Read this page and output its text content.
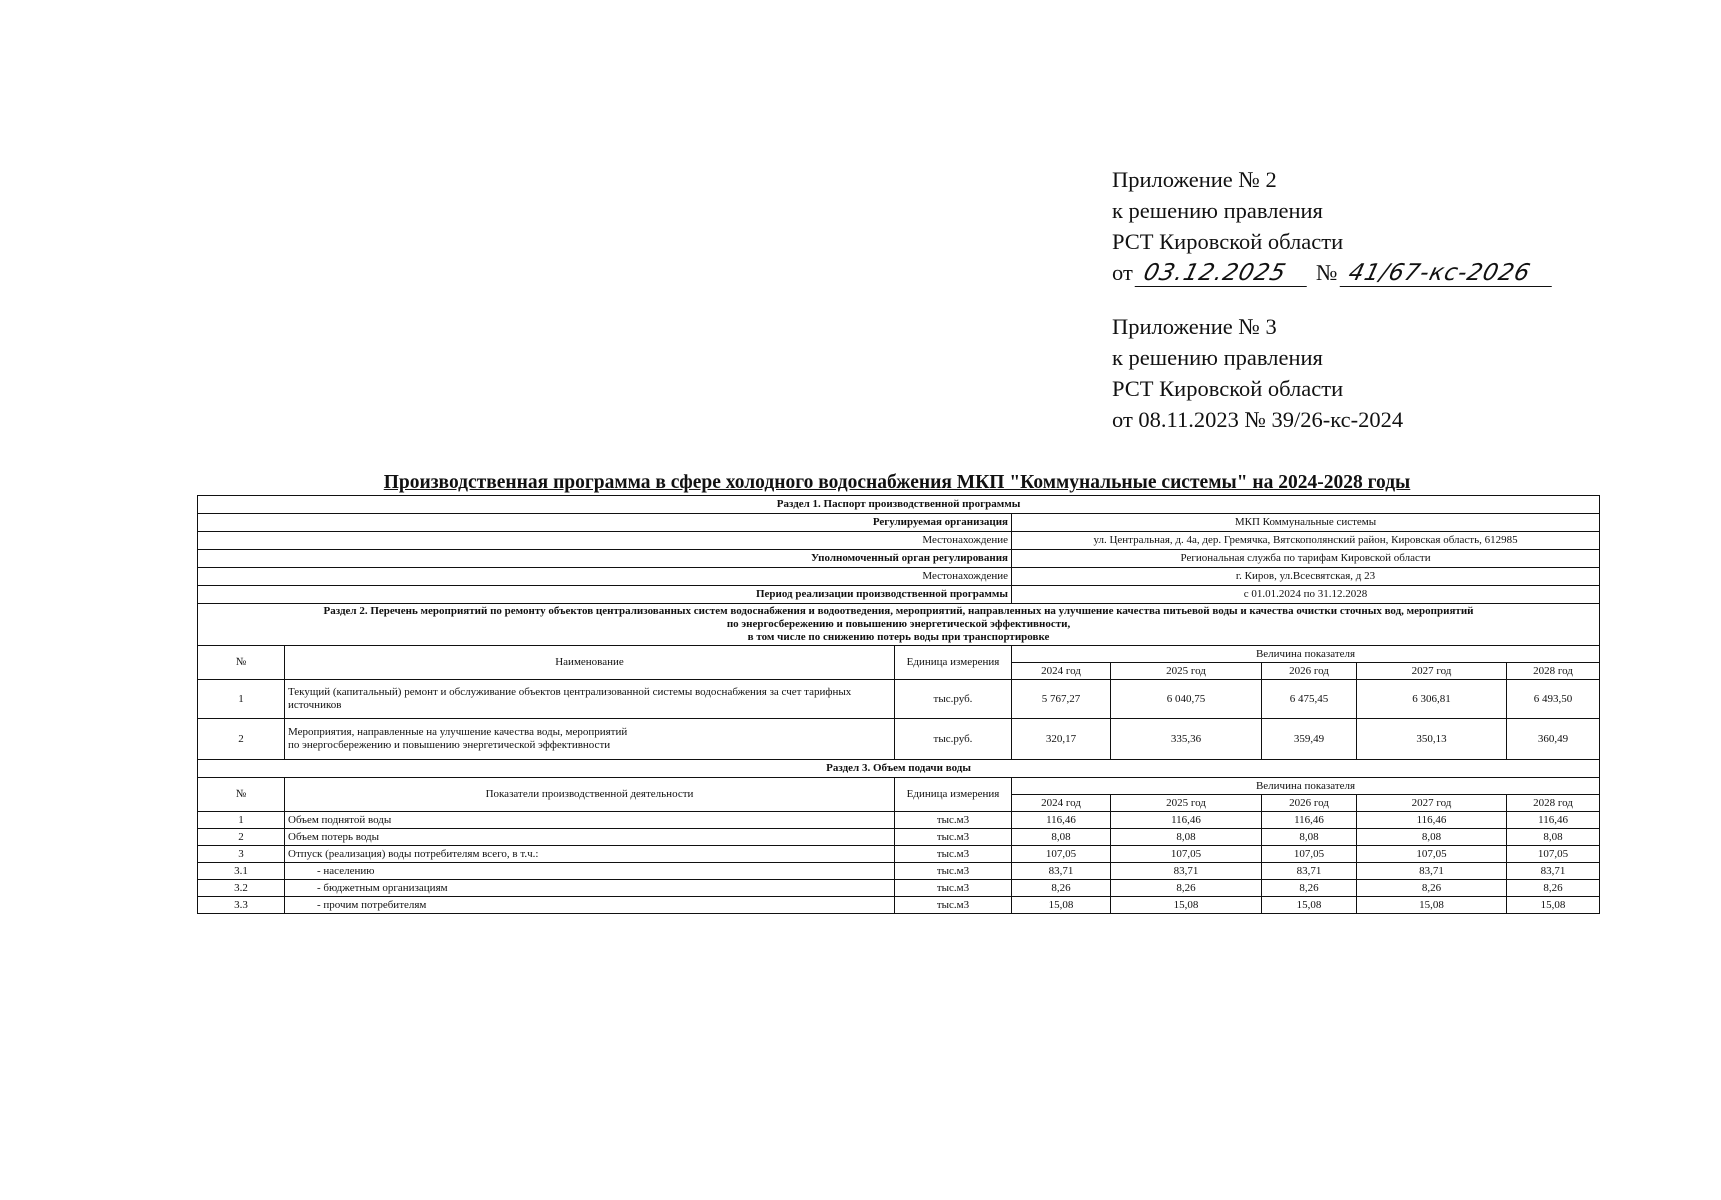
Приложение № 2
к решению правления
РСТ Кировской области
от 03.12.2025 № 41/67-кс-2026
Приложение № 3
к решению правления
РСТ Кировской области
от 08.11.2023 № 39/26-кс-2024
Производственная программа в сфере холодного водоснабжения МКП "Коммунальные системы" на 2024-2028 годы
Раздел 1. Паспорт производственной программы							
Регулируемая организация			МКП Коммунальные системы				
Местонахождение			ул. Центральная, д. 4а, дер. Гремячка, Вятскополянский район, Кировская область, 612985				
Уполномоченный орган регулирования			Региональная служба по тарифам Кировской области				
Местонахождение			г. Киров, ул.Всесвятская, д 23				
Период реализации производственной программы			с 01.01.2024 по 31.12.2028				

Раздел 2. Перечень мероприятий по ремонту объектов централизованных систем водоснабжения и водоотведения, мероприятий, направленных на улучшение качества питьевой воды и качества очистки сточных вод, мероприятий
по энергосбережению и повышению энергетической эффективности,
в том числе по снижению потерь воды при транспортировке							

№	Наименование	Единица измерения	Величина показателя				
			2024 год	2025 год	2026 год	2027 год	2028 год
1	Текущий (капитальный) ремонт и обслуживание объектов централизованной системы водоснабжения за счет тарифных источников	тыс.руб.	5 767,27	6 040,75	6 475,45	6 306,81	6 493,50
2	Мероприятия, направленные на улучшение качества воды, мероприятий
по энергосбережению и повышению энергетической эффективности	тыс.руб.	320,17	335,36	359,49	350,13	360,49
Раздел 3. Объем подачи воды							
№	Показатели производственной деятельности	Единица измерения	Величина показателя				
			2024 год	2025 год	2026 год	2027 год	2028 год
1	Объем поднятой воды	тыс.м3	116,46	116,46	116,46	116,46	116,46
2	Объем потерь воды	тыс.м3	8,08	8,08	8,08	8,08	8,08
3	Отпуск (реализация) воды потребителям всего, в т.ч.:	тыс.м3	107,05	107,05	107,05	107,05	107,05
3.1	- населению	тыс.м3	83,71	83,71	83,71	83,71	83,71
3.2	- бюджетным организациям	тыс.м3	8,26	8,26	8,26	8,26	8,26
3.3	- прочим потребителям	тыс.м3	15,08	15,08	15,08	15,08	15,08
